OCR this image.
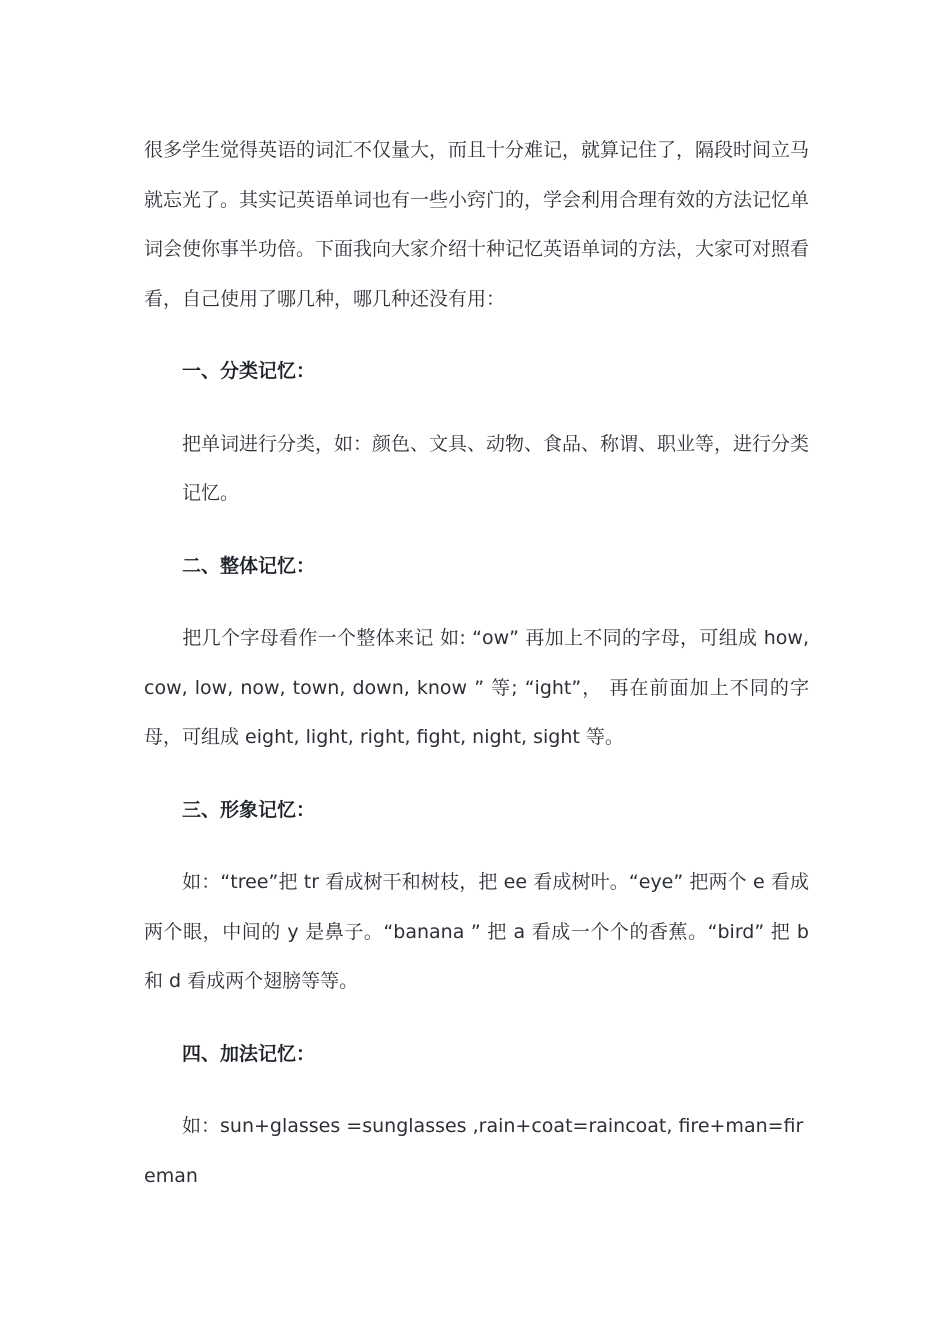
很多学生觉得英语的词汇不仅量大，而且十分难记，就算记住了，隔段时间立马就忘光了。其实记英语单词也有一些小窍门的，学会利用合理有效的方法记忆单词会使你事半功倍。下面我向大家介绍十种记忆英语单词的方法，大家可对照看看，自己使用了哪几种，哪几种还没有用：

一、分类记忆：

把单词进行分类，如：颜色、文具、动物、食品、称谓、职业等，进行分类记忆。

二、整体记忆：

把几个字母看作一个整体来记 如: “ow” 再加上不同的字母，可组成 how, cow, low, now, town, down, know ” 等; “ight”， 再在前面加上不同的字母，可组成 eight, light, right, fight, night, sight 等。

三、形象记忆：

如：“tree”把 tr 看成树干和树枝，把 ee 看成树叶。“eye” 把两个 e 看成两个眼，中间的 y 是鼻子。“banana ” 把 a 看成一个个的香蕉。“bird” 把 b 和 d 看成两个翅膀等等。

四、加法记忆：

如：sun+glasses =sunglasses ,rain+coat=raincoat, fire+man=fireman
